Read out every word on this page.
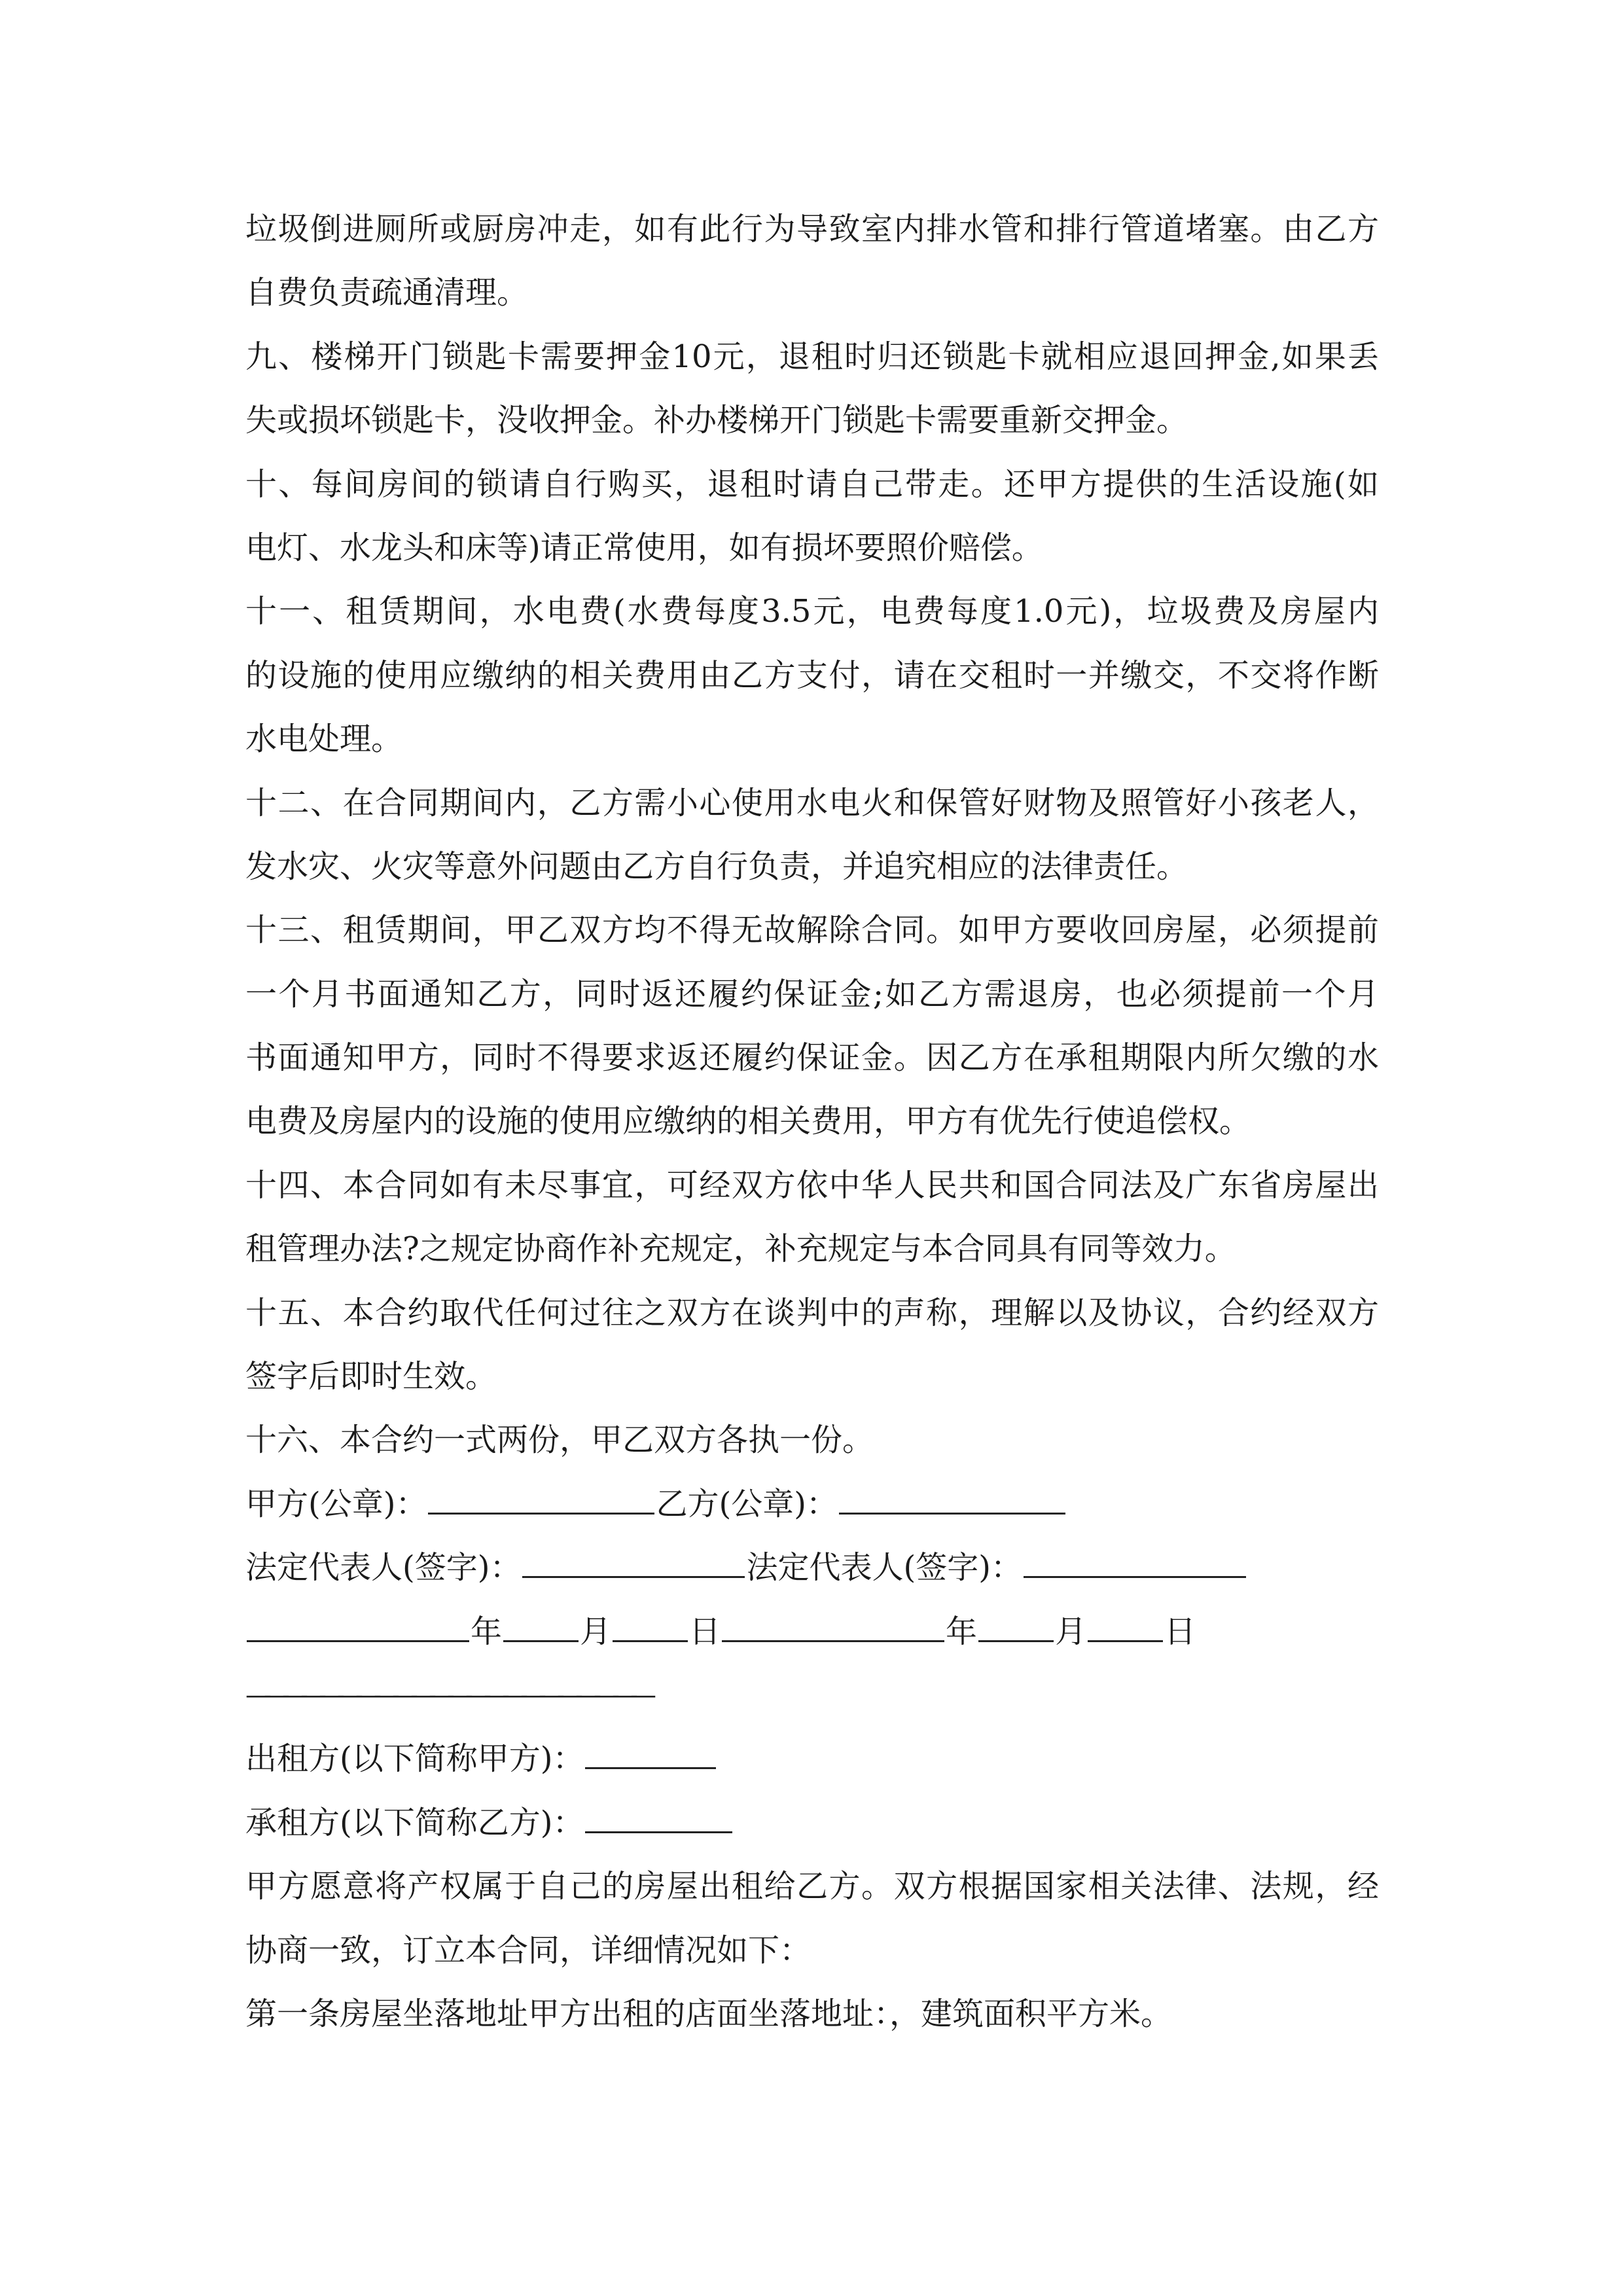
垃圾倒进厕所或厨房冲走，如有此行为导致室内排水管和排行管道堵塞。由乙方
自费负责疏通清理。
九、楼梯开门锁匙卡需要押金10元，退租时归还锁匙卡就相应退回押金,如果丢
失或损坏锁匙卡，没收押金。补办楼梯开门锁匙卡需要重新交押金。
十、每间房间的锁请自行购买，退租时请自己带走。还甲方提供的生活设施(如
电灯、水龙头和床等)请正常使用，如有损坏要照价赔偿。
十一、租赁期间，水电费(水费每度3.5元，电费每度1.0元)，垃圾费及房屋内
的设施的使用应缴纳的相关费用由乙方支付，请在交租时一并缴交，不交将作断
水电处理。
十二、在合同期间内，乙方需小心使用水电火和保管好财物及照管好小孩老人，
发水灾、火灾等意外问题由乙方自行负责，并追究相应的法律责任。
十三、租赁期间，甲乙双方均不得无故解除合同。如甲方要收回房屋，必须提前
一个月书面通知乙方，同时返还履约保证金;如乙方需退房，也必须提前一个月
书面通知甲方，同时不得要求返还履约保证金。因乙方在承租期限内所欠缴的水
电费及房屋内的设施的使用应缴纳的相关费用，甲方有优先行使追偿权。
十四、本合同如有未尽事宜，可经双方依中华人民共和国合同法及广东省房屋出
租管理办法?之规定协商作补充规定，补充规定与本合同具有同等效力。
十五、本合约取代任何过往之双方在谈判中的声称，理解以及协议，合约经双方
签字后即时生效。
十六、本合约一式两份，甲乙双方各执一份。
甲方(公章)：	乙方(公章)：
法定代表人(签字)：	法定代表人(签字)：
年 月 日	年 月 日
——————————————————————
出租方(以下简称甲方)：
承租方(以下简称乙方)：
甲方愿意将产权属于自己的房屋出租给乙方。双方根据国家相关法律、法规，经
协商一致，订立本合同，详细情况如下：
第一条房屋坐落地址甲方出租的店面坐落地址：，建筑面积平方米。
